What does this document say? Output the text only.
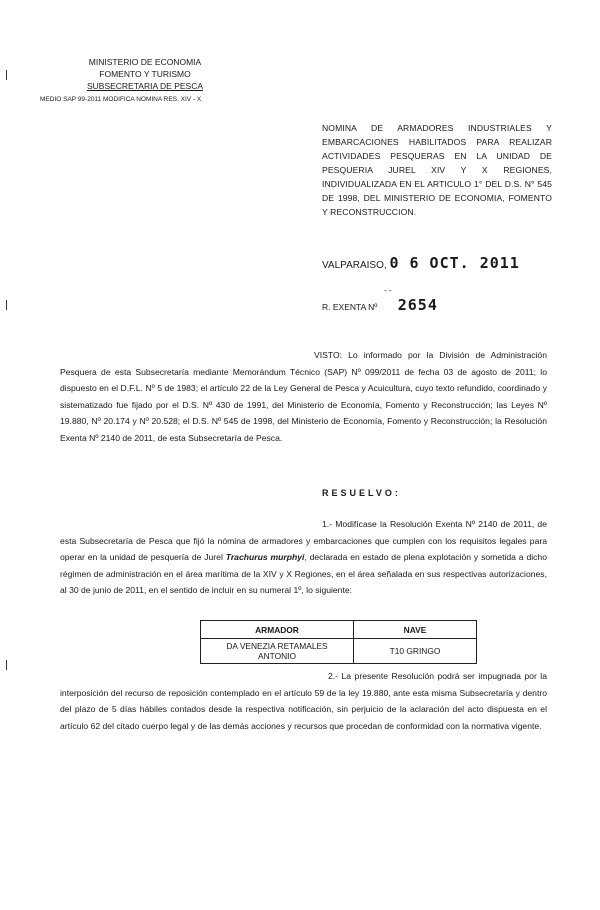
MINISTERIO DE ECONOMIA
FOMENTO Y TURISMO
SUBSECRETARIA DE PESCA
MEDIO SAP 99-2011 MODIFICA NOMINA RES. XIV - X
NOMINA DE ARMADORES INDUSTRIALES Y EMBARCACIONES HABILITADOS PARA REALIZAR ACTIVIDADES PESQUERAS EN LA UNIDAD DE PESQUERIA JUREL XIV Y X REGIONES, INDIVIDUALIZADA EN EL ARTICULO 1° DEL D.S. N° 545 DE 1998, DEL MINISTERIO DE ECONOMIA, FOMENTO Y RECONSTRUCCION.
VALPARAISO, 0 6 OCT. 2011
- -
R. EXENTA Nº 2654
VISTO: Lo informado por la División de Administración Pesquera de esta Subsecretaría mediante Memorándum Técnico (SAP) Nº 099/2011 de fecha 03 de agosto de 2011; lo dispuesto en el D.F.L. Nº 5 de 1983; el artículo 22 de la Ley General de Pesca y Acuicultura, cuyo texto refundido, coordinado y sistematizado fue fijado por el D.S. Nº 430 de 1991, del Ministerio de Economía, Fomento y Reconstrucción; las Leyes Nº 19.880, Nº 20.174 y Nº 20.528; el D.S. Nº 545 de 1998, del Ministerio de Economía, Fomento y Reconstrucción; la Resolución Exenta Nº 2140 de 2011, de esta Subsecretaría de Pesca.
RESUELVO:
1.- Modifícase la Resolución Exenta Nº 2140 de 2011, de esta Subsecretaría de Pesca que fijó la nómina de armadores y embarcaciones que cumplen con los requisitos legales para operar en la unidad de pesquería de Jurel Trachurus murphyi, declarada en estado de plena explotación y sometida a dicho régimen de administración en el área marítima de la XIV y X Regiones, en el área señalada en sus respectivas autorizaciones, al 30 de junio de 2011, en el sentido de incluir en su numeral 1º, lo siguiente:
ARMADOR	NAVE
DA VENEZIA RETAMALES ANTONIO	T10 GRINGO
2.- La presente Resolución podrá ser impugnada por la interposición del recurso de reposición contemplado en el artículo 59 de la ley 19.880, ante esta misma Subsecretaría y dentro del plazo de 5 días hábiles contados desde la respectiva notificación, sin perjuicio de la aclaración del acto dispuesta en el artículo 62 del citado cuerpo legal y de las demás acciones y recursos que procedan de conformidad con la normativa vigente.
